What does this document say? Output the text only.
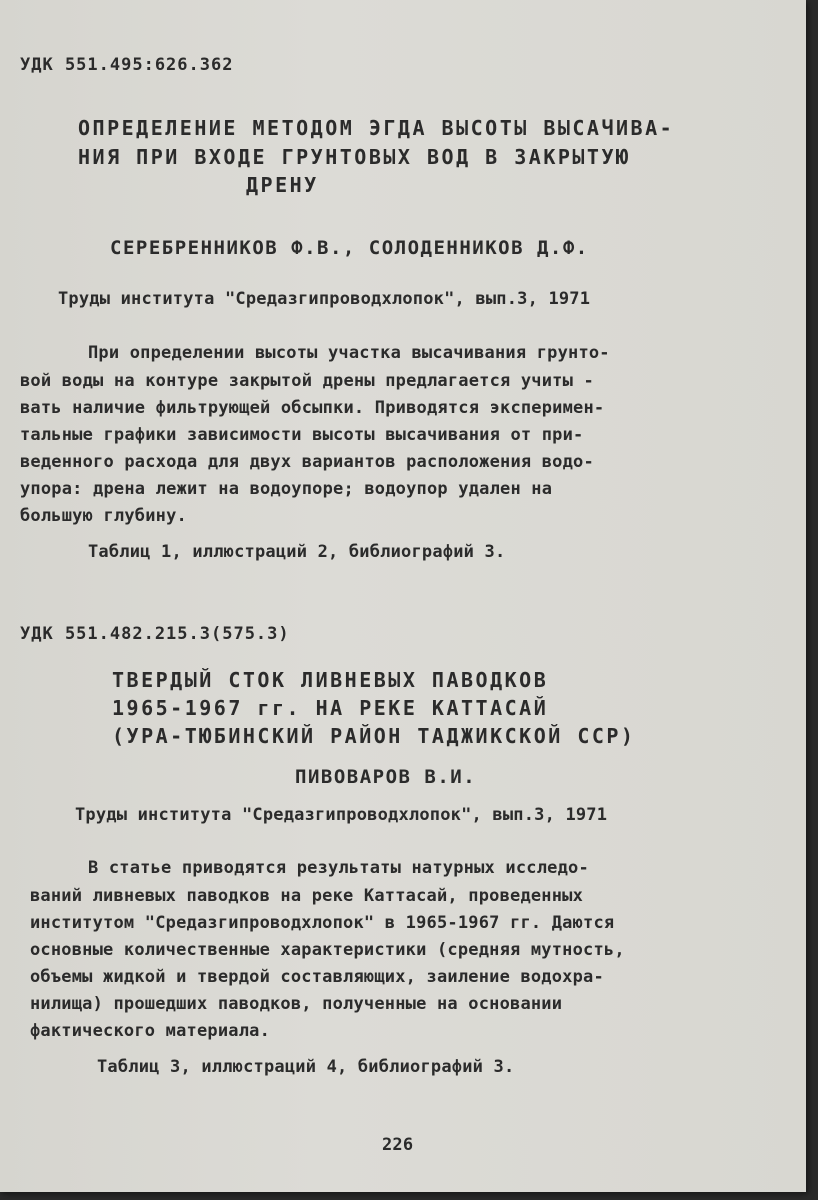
УДК 551.495:626.362
ОПРЕДЕЛЕНИЕ МЕТОДОМ ЭГДА ВЫСОТЫ ВЫСАЧИВА-
НИЯ ПРИ ВХОДЕ ГРУНТОВЫХ ВОД В ЗАКРЫТУЮ
ДРЕНУ
СЕРЕБРЕННИКОВ Ф.В., СОЛОДЕННИКОВ Д.Ф.
Труды института "Средазгипроводхлопок", вып.3, 1971
При определении высоты участка высачивания грунто-
вой воды на контуре закрытой дрены предлагается учиты -
вать наличие фильтрующей обсыпки. Приводятся эксперимен-
тальные графики зависимости высоты высачивания от при-
веденного расхода для двух вариантов расположения водо-
упора: дрена лежит на водоупоре; водоупор удален на
большую глубину.
Таблиц 1, иллюстраций 2, библиографий 3.
УДК 551.482.215.3(575.3)
ТВЕРДЫЙ СТОК ЛИВНЕВЫХ ПАВОДКОВ
1965-1967 гг. НА РЕКЕ КАТТАСАЙ
(УРА-ТЮБИНСКИЙ РАЙОН ТАДЖИКСКОЙ ССР)
ПИВОВАРОВ В.И.
Труды института "Средазгипроводхлопок", вып.3, 1971
В статье приводятся результаты натурных исследо-
ваний ливневых паводков на реке Каттасай, проведенных
институтом "Средазгипроводхлопок" в 1965-1967 гг. Даются
основные количественные характеристики (средняя мутность,
объемы жидкой и твердой составляющих, заиление водохра-
нилища) прошедших паводков, полученные на основании
фактического материала.
Таблиц 3, иллюстраций 4, библиографий 3.
226
